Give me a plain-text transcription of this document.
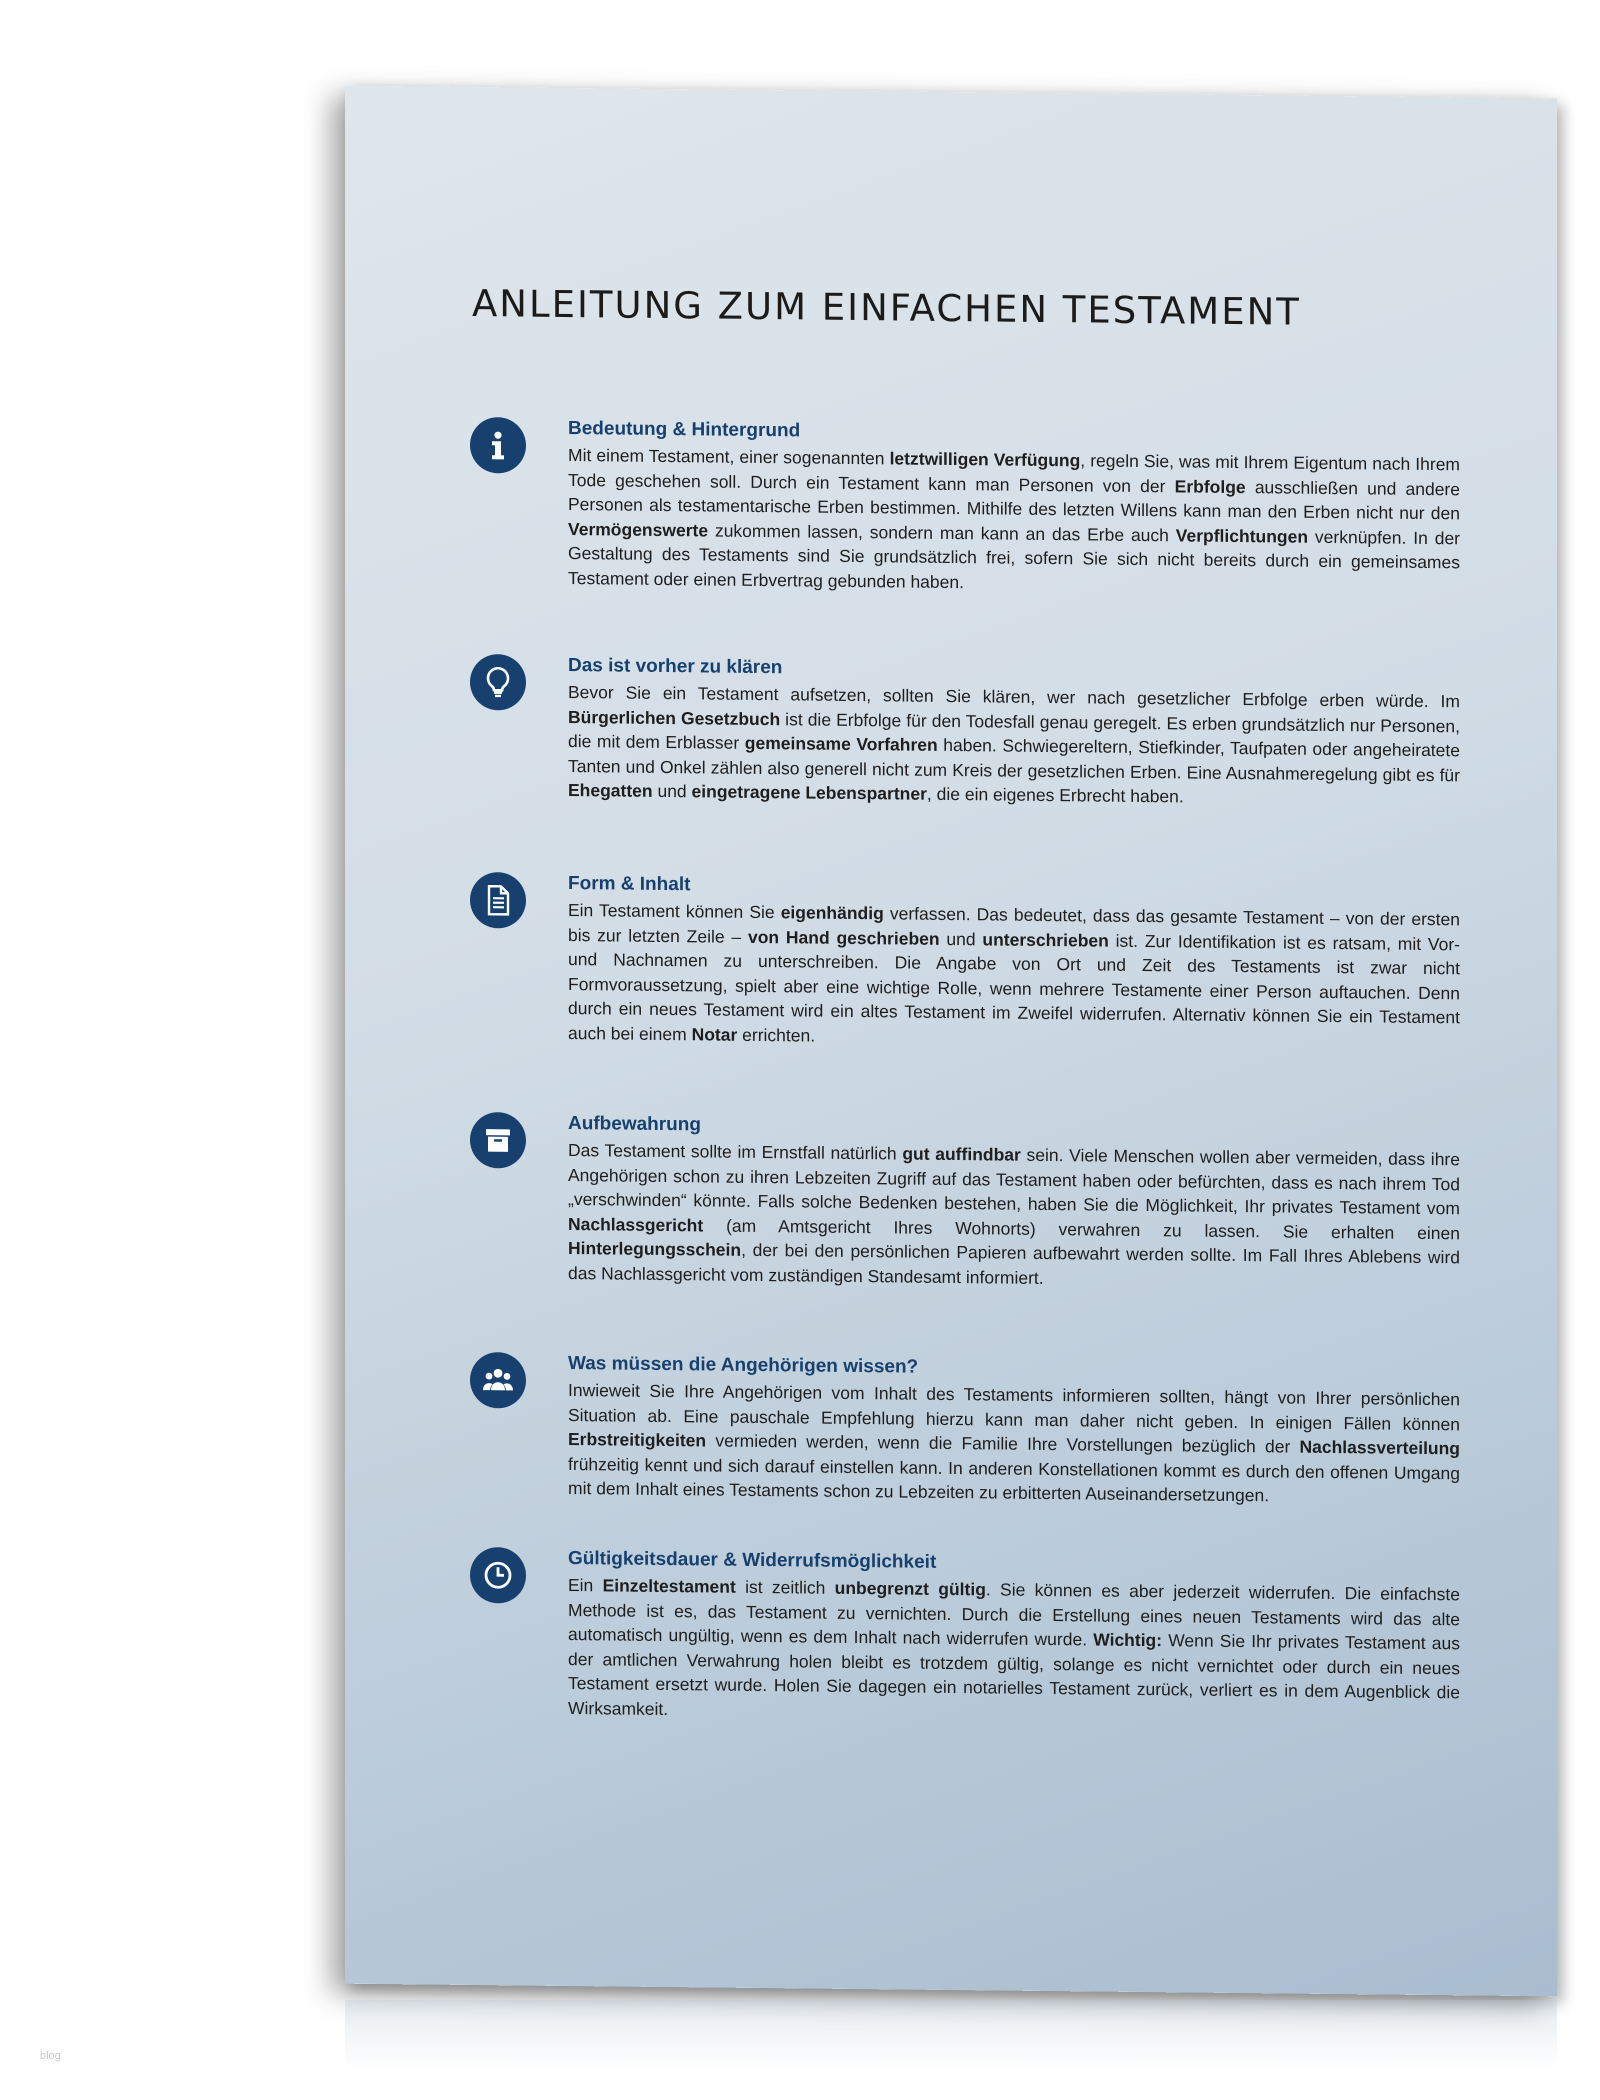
ANLEITUNG ZUM EINFACHEN TESTAMENT

Bedeutung & Hintergrund

Mit einem Testament, einer sogenannten letztwilligen Verfügung, regeln Sie, was mit Ihrem Eigentum nach Ihrem Tode geschehen soll. Durch ein Testament kann man Personen von der Erbfolge ausschließen und andere Personen als testamentarische Erben bestimmen. Mithilfe des letzten Willens kann man den Erben nicht nur den Vermögenswerte zukommen lassen, sondern man kann an das Erbe auch Verpflichtungen verknüpfen. In der Gestaltung des Testaments sind Sie grundsätzlich frei, sofern Sie sich nicht bereits durch ein gemeinsames Testament oder einen Erbvertrag gebunden haben.

Das ist vorher zu klären

Bevor Sie ein Testament aufsetzen, sollten Sie klären, wer nach gesetzlicher Erbfolge erben würde. Im Bürgerlichen Gesetzbuch ist die Erbfolge für den Todesfall genau geregelt. Es erben grundsätzlich nur Personen, die mit dem Erblasser gemeinsame Vorfahren haben. Schwiegereltern, Stiefkinder, Taufpaten oder angeheiratete Tanten und Onkel zählen also generell nicht zum Kreis der gesetzlichen Erben. Eine Ausnahmeregelung gibt es für Ehegatten und eingetragene Lebenspartner, die ein eigenes Erbrecht haben.

Form & Inhalt

Ein Testament können Sie eigenhändig verfassen. Das bedeutet, dass das gesamte Testament – von der ersten bis zur letzten Zeile – von Hand geschrieben und unterschrieben ist. Zur Identifikation ist es ratsam, mit Vor- und Nachnamen zu unterschreiben. Die Angabe von Ort und Zeit des Testaments ist zwar nicht Formvoraussetzung, spielt aber eine wichtige Rolle, wenn mehrere Testamente einer Person auftauchen. Denn durch ein neues Testament wird ein altes Testament im Zweifel widerrufen. Alternativ können Sie ein Testament auch bei einem Notar errichten.

Aufbewahrung

Das Testament sollte im Ernstfall natürlich gut auffindbar sein. Viele Menschen wollen aber vermeiden, dass ihre Angehörigen schon zu ihren Lebzeiten Zugriff auf das Testament haben oder befürchten, dass es nach ihrem Tod „verschwinden“ könnte. Falls solche Bedenken bestehen, haben Sie die Möglichkeit, Ihr privates Testament vom Nachlassgericht (am Amtsgericht Ihres Wohnorts) verwahren zu lassen. Sie erhalten einen Hinterlegungsschein, der bei den persönlichen Papieren aufbewahrt werden sollte. Im Fall Ihres Ablebens wird das Nachlassgericht vom zuständigen Standesamt informiert.

Was müssen die Angehörigen wissen?

Inwieweit Sie Ihre Angehörigen vom Inhalt des Testaments informieren sollten, hängt von Ihrer persönlichen Situation ab. Eine pauschale Empfehlung hierzu kann man daher nicht geben. In einigen Fällen können Erbstreitigkeiten vermieden werden, wenn die Familie Ihre Vorstellungen bezüglich der Nachlassverteilung frühzeitig kennt und sich darauf einstellen kann. In anderen Konstellationen kommt es durch den offenen Umgang mit dem Inhalt eines Testaments schon zu Lebzeiten zu erbitterten Auseinandersetzungen.

Gültigkeitsdauer & Widerrufsmöglichkeit

Ein Einzeltestament ist zeitlich unbegrenzt gültig. Sie können es aber jederzeit widerrufen. Die einfachste Methode ist es, das Testament zu vernichten. Durch die Erstellung eines neuen Testaments wird das alte automatisch ungültig, wenn es dem Inhalt nach widerrufen wurde. Wichtig: Wenn Sie Ihr privates Testament aus der amtlichen Verwahrung holen bleibt es trotzdem gültig, solange es nicht vernichtet oder durch ein neues Testament ersetzt wurde. Holen Sie dagegen ein notarielles Testament zurück, verliert es in dem Augenblick die Wirksamkeit.

blog
